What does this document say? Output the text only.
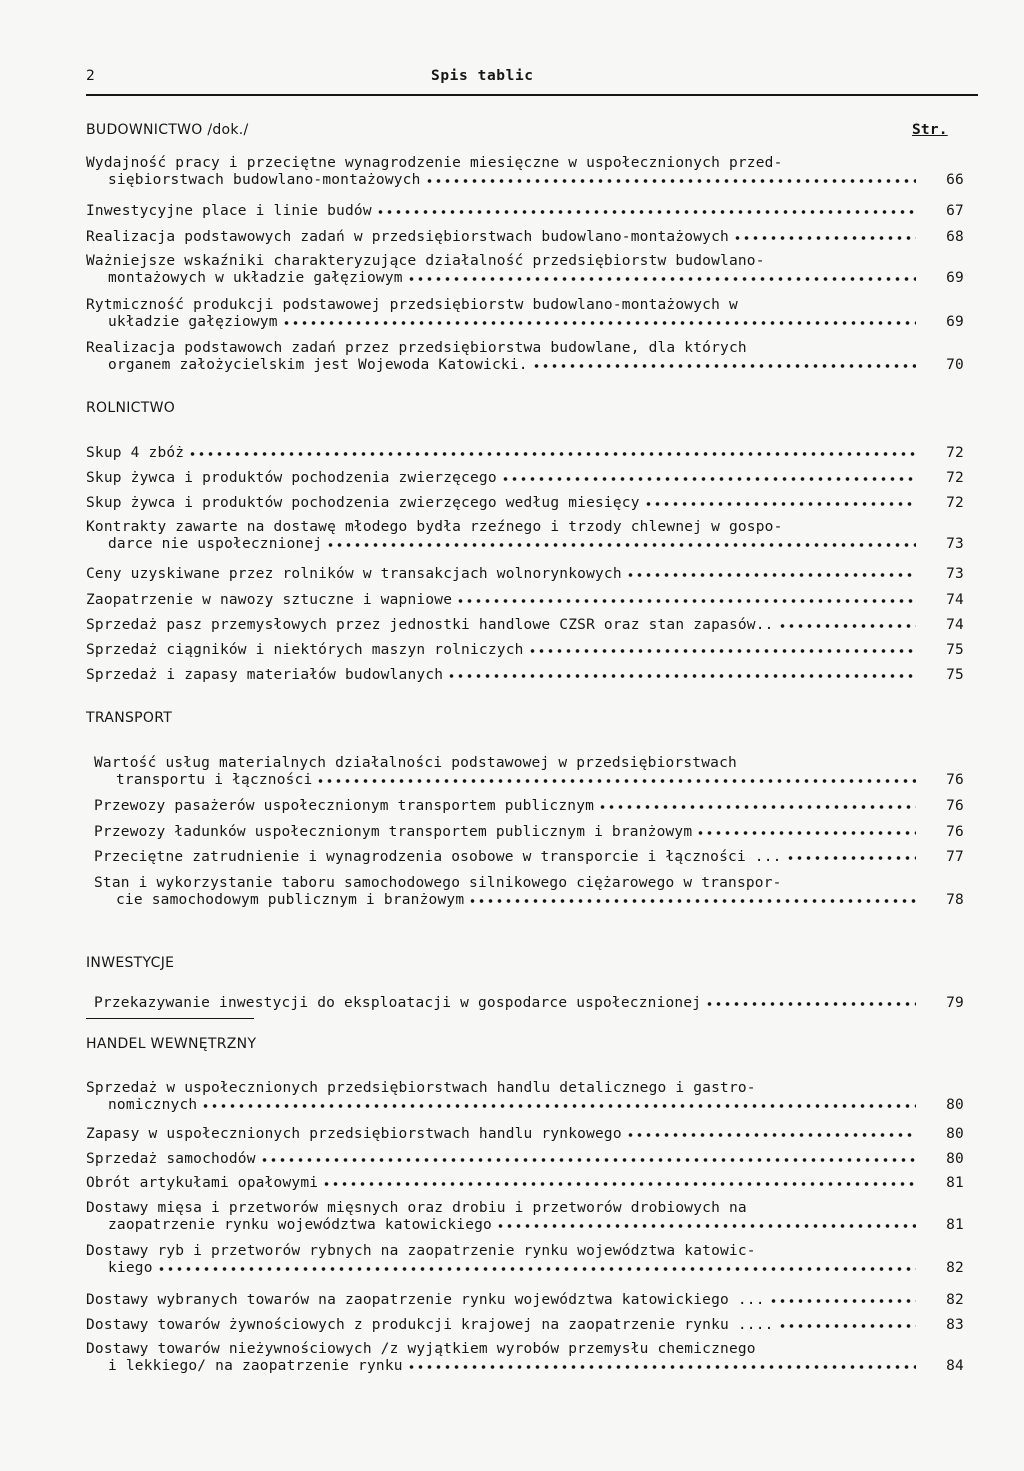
2	Spis tablic
Str.
BUDOWNICTWO /dok./
Wydajność pracy i przeciętne wynagrodzenie miesięczne w uspołecznionych przed-
siębiorstwach budowlano-montażowych	66
Inwestycyjne place i linie budów	67
Realizacja podstawowych zadań w przedsiębiorstwach budowlano-montażowych	68
Ważniejsze wskaźniki charakteryzujące działalność przedsiębiorstw budowlano-
montażowych w układzie gałęziowym	69
Rytmiczność produkcji podstawowej przedsiębiorstw budowlano-montażowych w
układzie gałęziowym	69
Realizacja podstawowch zadań przez przedsiębiorstwa budowlane, dla których
organem założycielskim jest Wojewoda Katowicki.	70
ROLNICTWO
Skup 4 zbóż	72
Skup żywca i produktów pochodzenia zwierzęcego	72
Skup żywca i produktów pochodzenia zwierzęcego według miesięcy	72
Kontrakty zawarte na dostawę młodego bydła rzeźnego i trzody chlewnej w gospo-
darce nie uspołecznionej	73
Ceny uzyskiwane przez rolników w transakcjach wolnorynkowych	73
Zaopatrzenie w nawozy sztuczne i wapniowe	74
Sprzedaż pasz przemysłowych przez jednostki handlowe CZSR oraz stan zapasów..	74
Sprzedaż ciągników i niektórych maszyn rolniczych	75
Sprzedaż i zapasy materiałów budowlanych	75
TRANSPORT
Wartość usług materialnych działalności podstawowej w przedsiębiorstwach
transportu i łączności	76
Przewozy pasażerów uspołecznionym transportem publicznym	76
Przewozy ładunków uspołecznionym transportem publicznym i branżowym	76
Przeciętne zatrudnienie i wynagrodzenia osobowe w transporcie i łączności ...	77
Stan i wykorzystanie taboru samochodowego silnikowego ciężarowego w transpor-
cie samochodowym publicznym i branżowym	78
INWESTYCJE
Przekazywanie inwestycji do eksploatacji w gospodarce uspołecznionej	79
HANDEL WEWNĘTRZNY
Sprzedaż w uspołecznionych przedsiębiorstwach handlu detalicznego i gastro-
nomicznych	80
Zapasy w uspołecznionych przedsiębiorstwach handlu rynkowego	80
Sprzedaż samochodów	80
Obrót artykułami opałowymi	81
Dostawy mięsa i przetworów mięsnych oraz drobiu i przetworów drobiowych na
zaopatrzenie rynku województwa katowickiego	81
Dostawy ryb i przetworów rybnych na zaopatrzenie rynku województwa katowic-
kiego	82
Dostawy wybranych towarów na zaopatrzenie rynku województwa katowickiego ...	82
Dostawy towarów żywnościowych z produkcji krajowej na zaopatrzenie rynku ....	83
Dostawy towarów nieżywnościowych /z wyjątkiem wyrobów przemysłu chemicznego
i lekkiego/ na zaopatrzenie rynku	84
